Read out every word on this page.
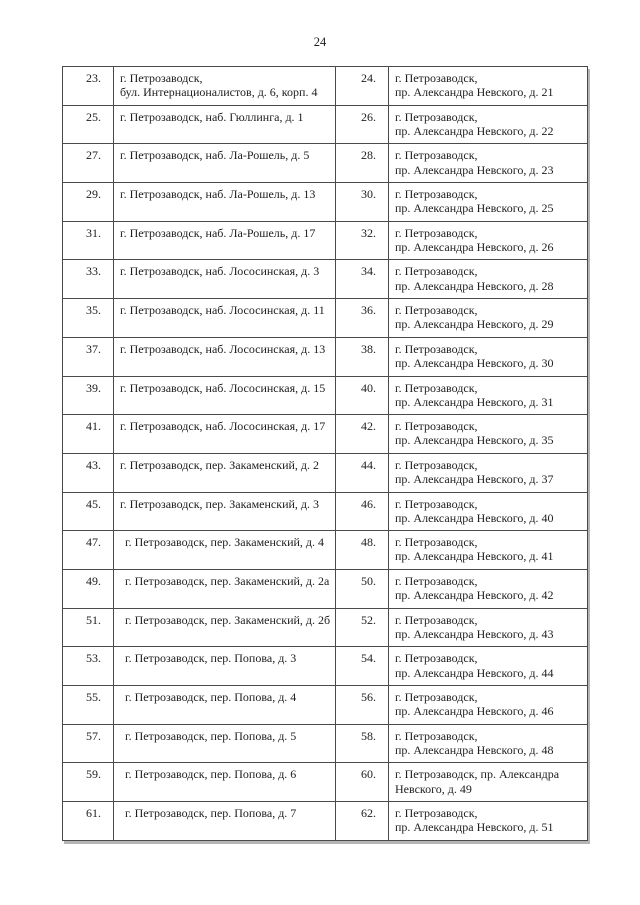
24
23.	г. Петрозаводск,
бул. Интернационалистов, д. 6, корп. 4
	24.	г. Петрозаводск,
пр. Александра Невского, д. 21

25.	г. Петрозаводск, наб. Гюллинга, д. 1	26.	г. Петрозаводск,
пр. Александра Невского, д. 22

27.	г. Петрозаводск, наб. Ла-Рошель, д. 5	28.	г. Петрозаводск,
пр. Александра Невского, д. 23

29.	г. Петрозаводск, наб. Ла-Рошель, д. 13	30.	г. Петрозаводск,
пр. Александра Невского, д. 25

31.	г. Петрозаводск, наб. Ла-Рошель, д. 17	32.	г. Петрозаводск,
пр. Александра Невского, д. 26

33.	г. Петрозаводск, наб. Лососинская, д. 3	34.	г. Петрозаводск,
пр. Александра Невского, д. 28

35.	г. Петрозаводск, наб. Лососинская, д. 11	36.	г. Петрозаводск,
пр. Александра Невского, д. 29

37.	г. Петрозаводск, наб. Лососинская, д. 13	38.	г. Петрозаводск,
пр. Александра Невского, д. 30

39.	г. Петрозаводск, наб. Лососинская, д. 15	40.	г. Петрозаводск,
пр. Александра Невского, д. 31

41.	г. Петрозаводск, наб. Лососинская, д. 17	42.	г. Петрозаводск,
пр. Александра Невского, д. 35

43.	г. Петрозаводск, пер. Закаменский, д. 2	44.	г. Петрозаводск,
пр. Александра Невского, д. 37

45.	г. Петрозаводск, пер. Закаменский, д. 3	46.	г. Петрозаводск,
пр. Александра Невского, д. 40

47.	г. Петрозаводск, пер. Закаменский, д. 4	48.	г. Петрозаводск,
пр. Александра Невского, д. 41

49.	г. Петрозаводск, пер. Закаменский, д. 2а	50.	г. Петрозаводск,
пр. Александра Невского, д. 42

51.	г. Петрозаводск, пер. Закаменский, д. 2б	52.	г. Петрозаводск,
пр. Александра Невского, д. 43

53.	г. Петрозаводск, пер. Попова, д. 3	54.	г. Петрозаводск,
пр. Александра Невского, д. 44

55.	г. Петрозаводск, пер. Попова, д. 4	56.	г. Петрозаводск,
пр. Александра Невского, д. 46

57.	г. Петрозаводск, пер. Попова, д. 5	58.	г. Петрозаводск,
пр. Александра Невского, д. 48

59.	г. Петрозаводск, пер. Попова, д. 6	60.	г. Петрозаводск, пр. Александра
Невского, д. 49

61.	г. Петрозаводск, пер. Попова, д. 7	62.	г. Петрозаводск,
пр. Александра Невского, д. 51
